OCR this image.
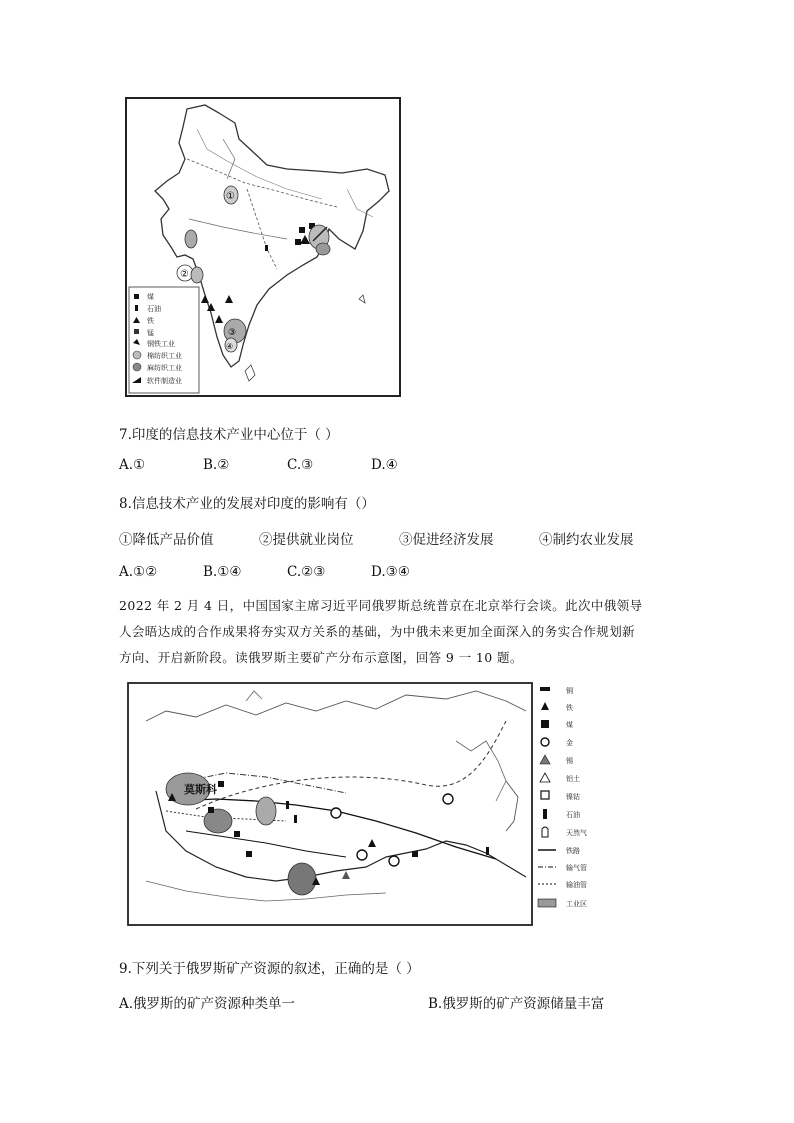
①
②
③
④
煤
石油
铁
锰
钢铁工业
棉纺织工业
麻纺织工业
软件制造业
7.印度的信息技术产业中心位于（ ）
A.①	B.②	C.③	D.④
8.信息技术产业的发展对印度的影响有（）
①降低产品价值	②提供就业岗位	③促进经济发展	④制约农业发展
A.①②	B.①④	C.②③	D.③④
2022 年 2 月 4 日，中国国家主席习近平同俄罗斯总统普京在北京举行会谈。此次中俄领导
人会晤达成的合作成果将夯实双方关系的基础，为中俄未来更加全面深入的务实合作规划新
方向、开启新阶段。读俄罗斯主要矿产分布示意图，回答 9 一 10 题。
莫斯科
铜
铁
煤
金
锡
铝土
镍钴
石油
天然气
铁路
输气管
输油管
工业区
9.下列关于俄罗斯矿产资源的叙述，正确的是（ ）
A.俄罗斯的矿产资源种类单一	B.俄罗斯的矿产资源储量丰富
